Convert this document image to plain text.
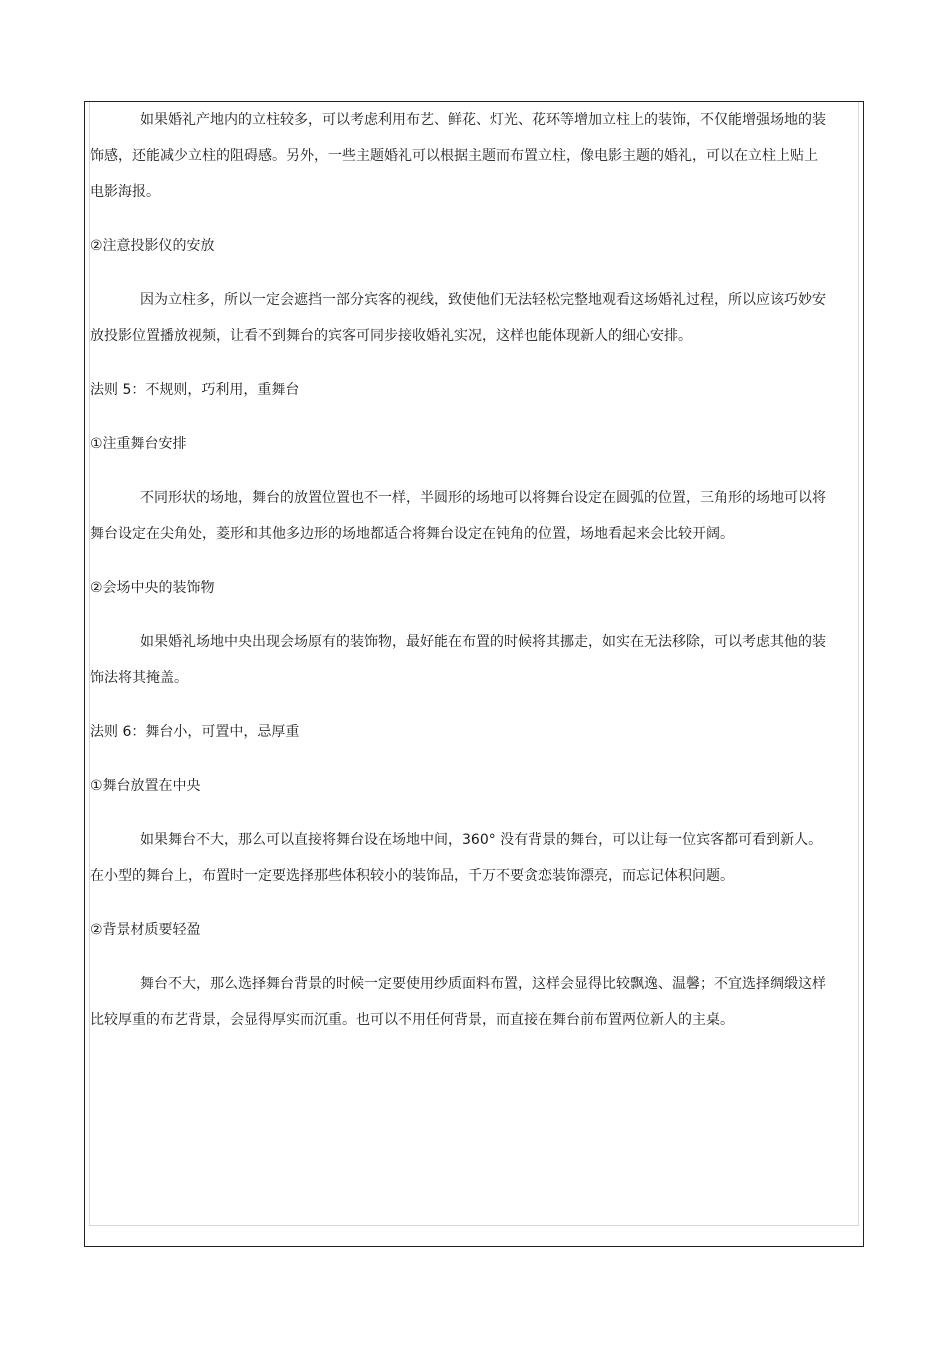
如果婚礼产地内的立柱较多，可以考虑利用布艺、鲜花、灯光、花环等增加立柱上的装饰，不仅能增强场地的装饰感，还能减少立柱的阻碍感。另外，一些主题婚礼可以根据主题而布置立柱，像电影主题的婚礼，可以在立柱上贴上电影海报。

②注意投影仪的安放

因为立柱多，所以一定会遮挡一部分宾客的视线，致使他们无法轻松完整地观看这场婚礼过程，所以应该巧妙安放投影位置播放视频，让看不到舞台的宾客可同步接收婚礼实况，这样也能体现新人的细心安排。

法则 5：不规则，巧利用，重舞台

①注重舞台安排

不同形状的场地，舞台的放置位置也不一样，半圆形的场地可以将舞台设定在圆弧的位置，三角形的场地可以将舞台设定在尖角处，菱形和其他多边形的场地都适合将舞台设定在钝角的位置，场地看起来会比较开阔。

②会场中央的装饰物

如果婚礼场地中央出现会场原有的装饰物，最好能在布置的时候将其挪走，如实在无法移除，可以考虑其他的装饰法将其掩盖。

法则 6：舞台小，可置中，忌厚重

①舞台放置在中央

如果舞台不大，那么可以直接将舞台设在场地中间，360° 没有背景的舞台，可以让每一位宾客都可看到新人。在小型的舞台上，布置时一定要选择那些体积较小的装饰品，千万不要贪恋装饰漂亮，而忘记体积问题。

②背景材质要轻盈

舞台不大，那么选择舞台背景的时候一定要使用纱质面料布置，这样会显得比较飘逸、温馨；不宜选择绸缎这样比较厚重的布艺背景，会显得厚实而沉重。也可以不用任何背景，而直接在舞台前布置两位新人的主桌。
